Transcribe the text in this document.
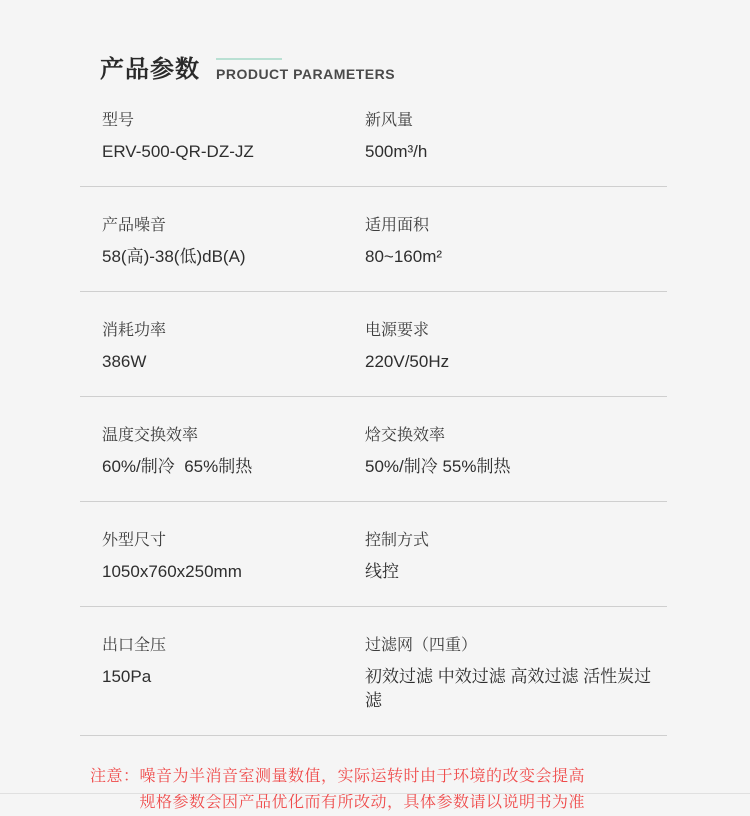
产品参数 PRODUCT PARAMETERS
型号
ERV-500-QR-DZ-JZ
新风量
500m³/h
产品噪音
58(高)-38(低)dB(A)
适用面积
80~160m²
消耗功率
386W
电源要求
220V/50Hz
温度交换效率
60%/制冷  65%制热
焓交换效率
50%/制冷 55%制热
外型尺寸
1050x760x250mm
控制方式
线控
出口全压
150Pa
过滤网（四重）
初效过滤 中效过滤 高效过滤 活性炭过滤
注意： 噪音为半消音室测量数值，实际运转时由于环境的改变会提高
规格参数会因产品优化而有所改动，具体参数请以说明书为准
